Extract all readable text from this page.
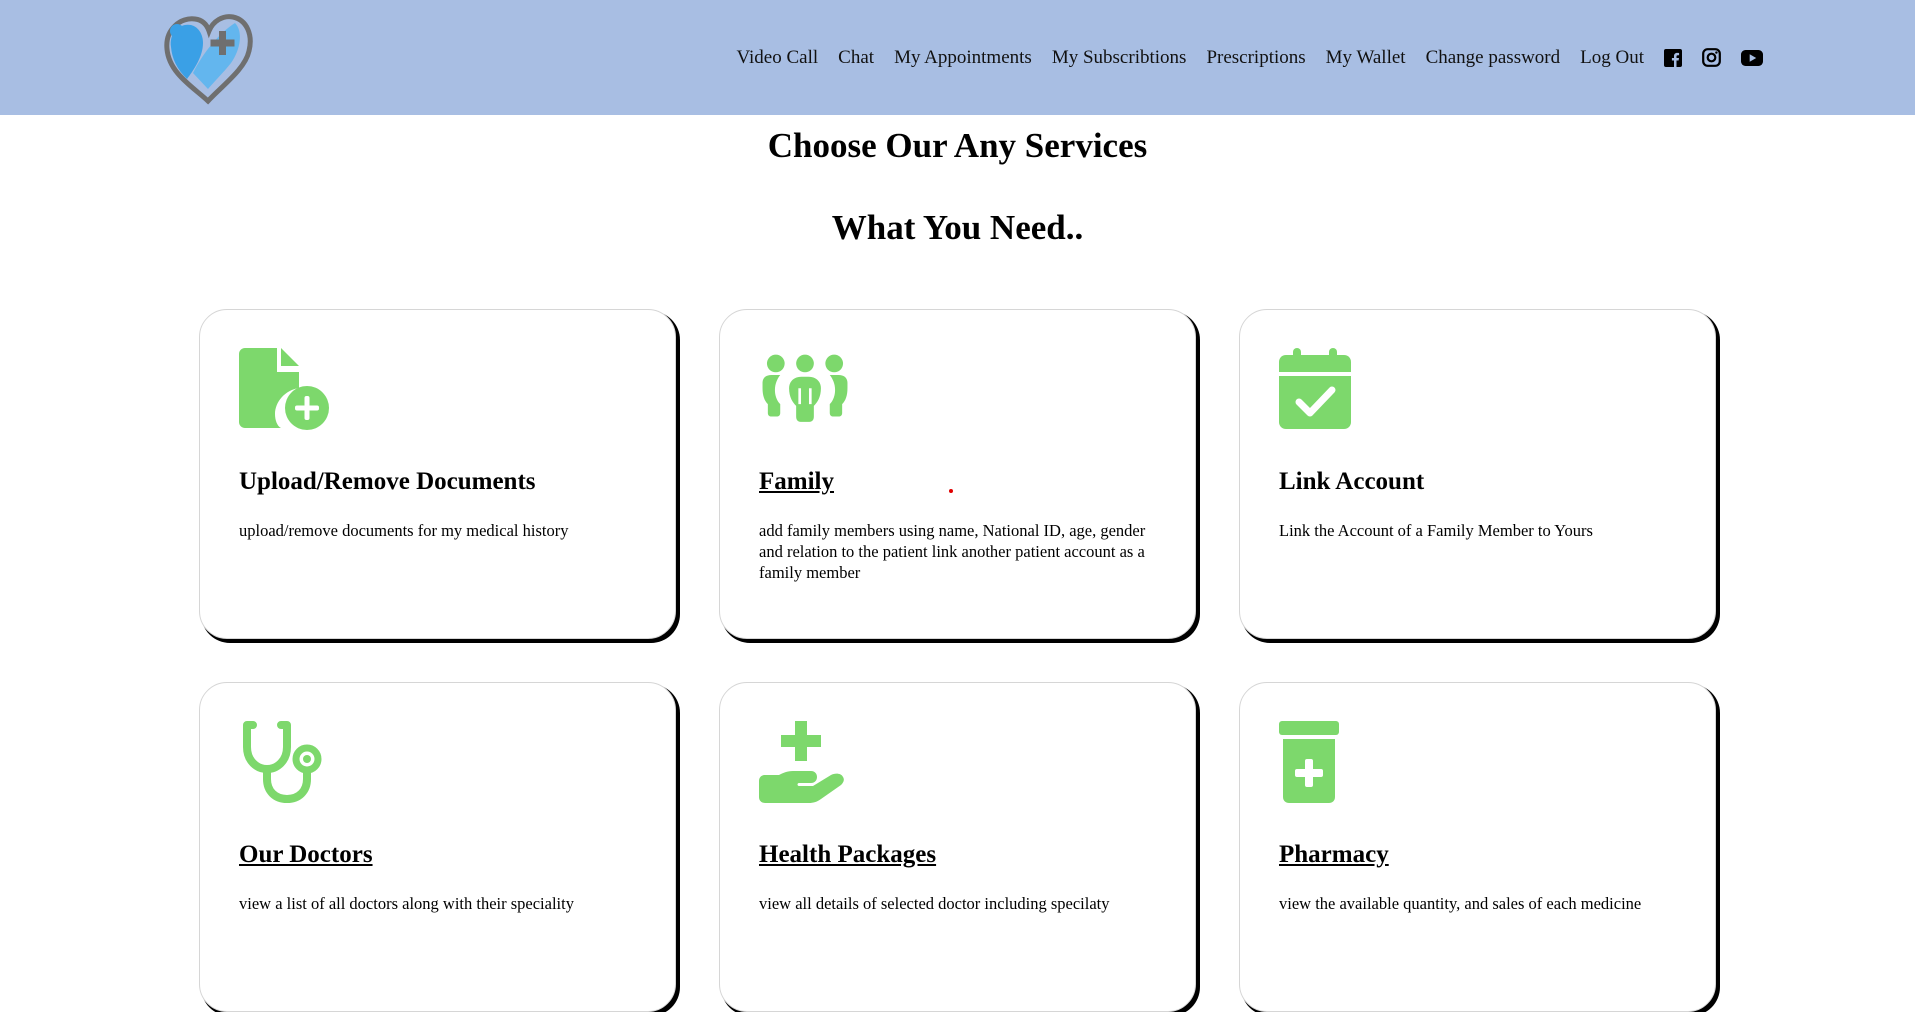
Video Call Chat My Appointments My Subscribtions Prescriptions My Wallet Change password Log Out
Choose Our Any Services
What You Need..
Upload/Remove Documents

upload/remove documents for my medical history

Family

add family members using name, National ID, age, gender and relation to the patient link another patient account as a family member

Link Account

Link the Account of a Family Member to Yours

Our Doctors

view a list of all doctors along with their speciality

Health Packages

view all details of selected doctor including specilaty

Pharmacy

view the available quantity, and sales of each medicine
